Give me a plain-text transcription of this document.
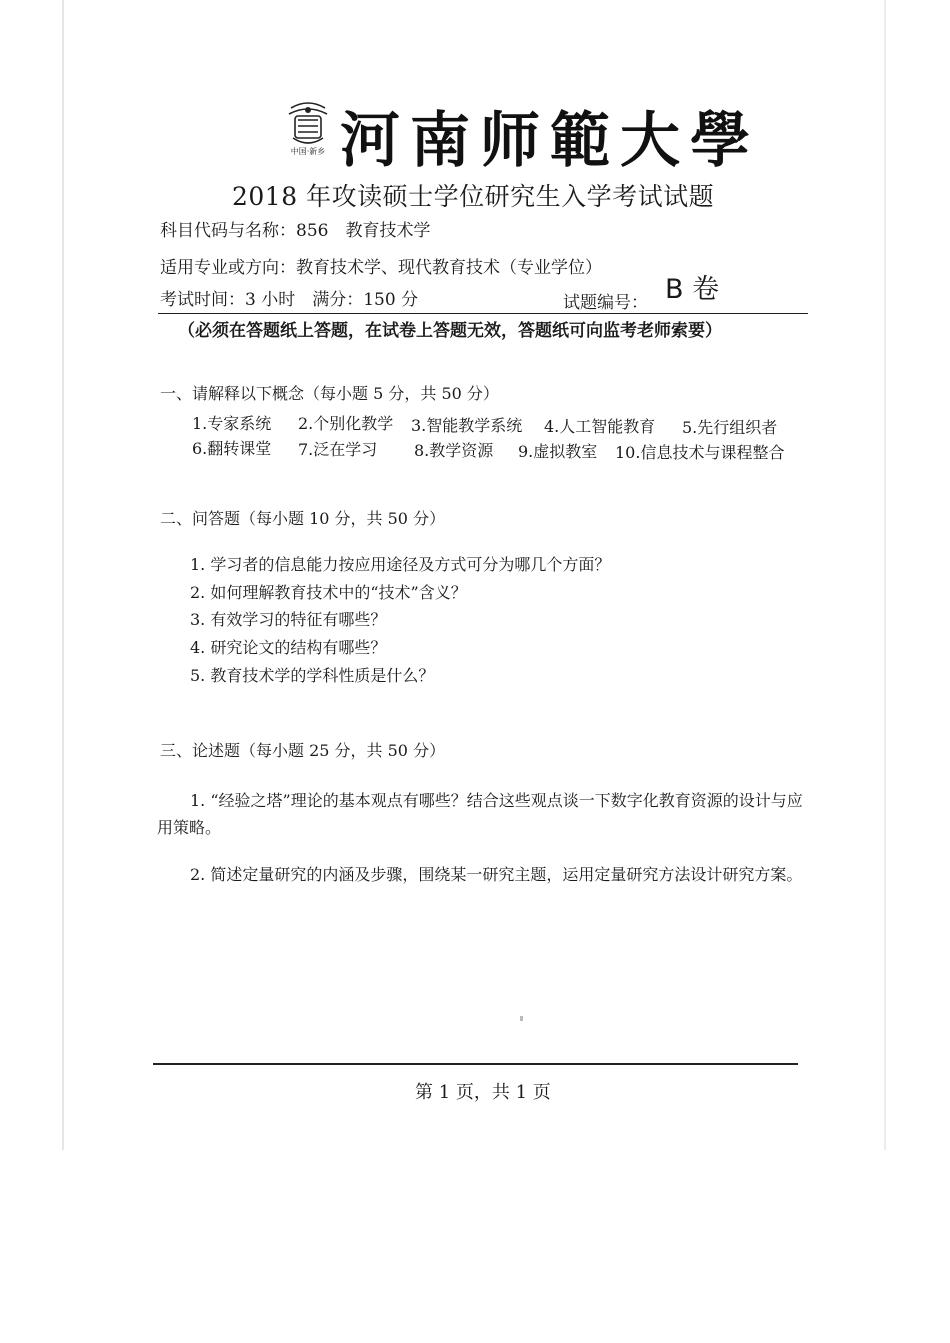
中国·新乡 河南师範大學
2018 年攻读硕士学位研究生入学考试试题
科目代码与名称：856　教育技术学
适用专业或方向：教育技术学、现代教育技术（专业学位）
考试时间：3 小时　满分：150 分	试题编号： B 卷
（必须在答题纸上答题，在试卷上答题无效，答题纸可向监考老师索要）
一、请解释以下概念（每小题 5 分，共 50 分）
1.专家系统 2.个别化教学 3.智能教学系统 4.人工智能教育 5.先行组织者
6.翻转课堂 7.泛在学习 8.教学资源 9.虚拟教室 10.信息技术与课程整合
二、问答题（每小题 10 分，共 50 分）
1. 学习者的信息能力按应用途径及方式可分为哪几个方面？
2. 如何理解教育技术中的“技术”含义？
3. 有效学习的特征有哪些？
4. 研究论文的结构有哪些？
5. 教育技术学的学科性质是什么？
三、论述题（每小题 25 分，共 50 分）
1. “经验之塔”理论的基本观点有哪些？结合这些观点谈一下数字化教育资源的设计与应用策略。
2. 简述定量研究的内涵及步骤，围绕某一研究主题，运用定量研究方法设计研究方案。
第 1 页，共 1 页
